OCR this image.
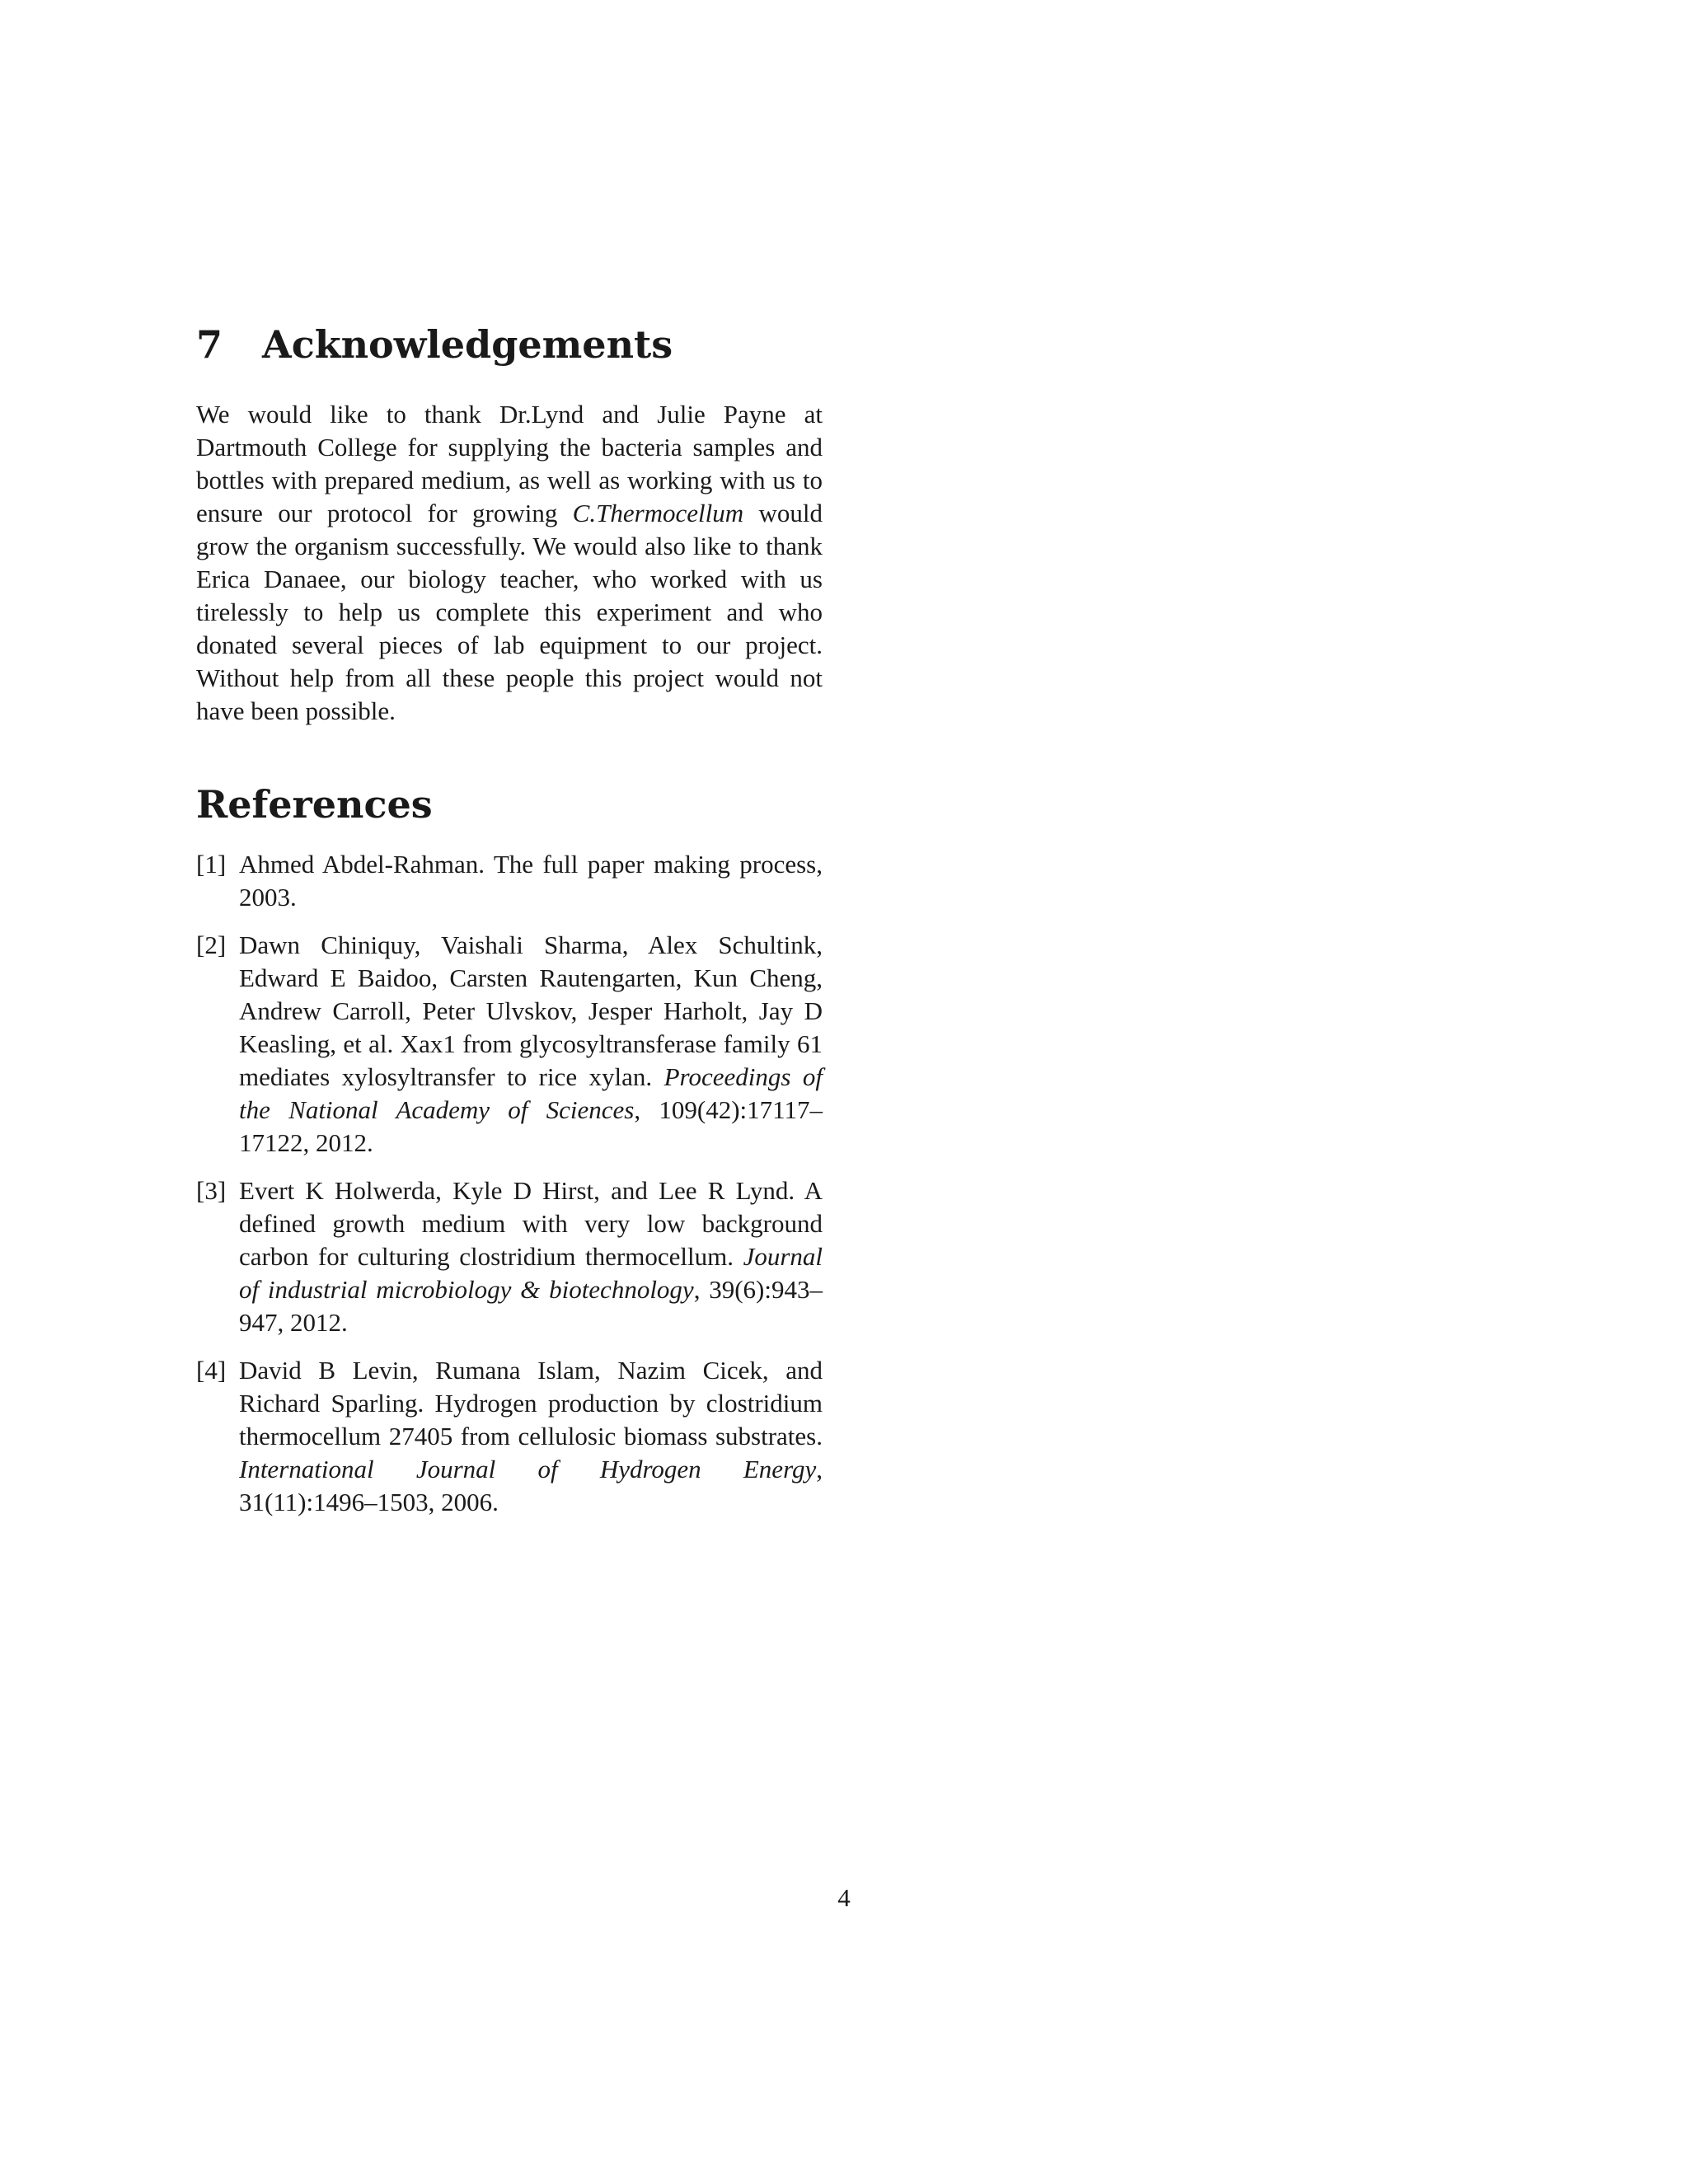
7	Acknowledgements

We would like to thank Dr.Lynd and Julie Payne at Dartmouth College for supplying the bacteria samples and bottles with prepared medium, as well as working with us to ensure our protocol for growing C.Thermocellum would grow the organism successfully. We would also like to thank Erica Danaee, our biology teacher, who worked with us tirelessly to help us complete this experiment and who donated several pieces of lab equipment to our project. Without help from all these people this project would not have been possible.

References
[1] Ahmed Abdel-Rahman. The full paper making process, 2003.
[2] Dawn Chiniquy, Vaishali Sharma, Alex Schultink, Edward E Baidoo, Carsten Rautengarten, Kun Cheng, Andrew Carroll, Peter Ulvskov, Jesper Harholt, Jay D Keasling, et al. Xax1 from glycosyltransferase family 61 mediates xylosyltransfer to rice xylan. Proceedings of the National Academy of Sciences, 109(42):17117–17122, 2012.
[3] Evert K Holwerda, Kyle D Hirst, and Lee R Lynd. A defined growth medium with very low background carbon for culturing clostridium thermocellum. Journal of industrial microbiology & biotechnology, 39(6):943–947, 2012.
[4] David B Levin, Rumana Islam, Nazim Cicek, and Richard Sparling. Hydrogen production by clostridium thermocellum 27405 from cellulosic biomass substrates. International Journal of Hydrogen Energy, 31(11):1496–1503, 2006.
4
